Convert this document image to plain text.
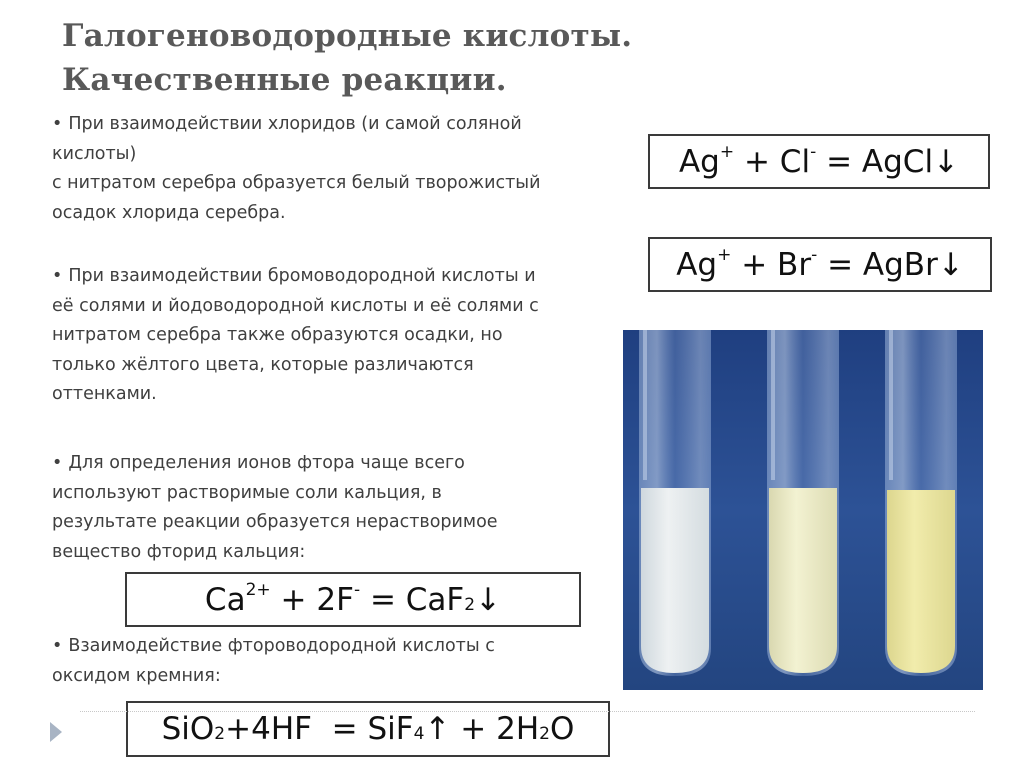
Галогеноводородные кислоты.
Качественные реакции.
• При взаимодействии хлоридов (и самой соляной
кислоты)
с нитратом серебра образуется белый творожистый
осадок хлорида серебра.
• При взаимодействии бромоводородной кислоты и
её солями и йодоводородной кислоты и её солями с
нитратом серебра также образуются осадки, но
только жёлтого цвета, которые различаются
оттенками.
• Для определения ионов фтора чаще всего
используют растворимые соли кальция, в
результате реакции образуется нерастворимое
вещество фторид кальция:
• Взаимодействие фтороводородной кислоты с
оксидом кремния:
Ag+ + Cl- = AgCl↓
Ag+ + Br- = AgBr↓
$Ca^{2+} + 2F^- = CaF_2$ ↓
SiO$_2$ +4HF  = SiF$_4$ ↑ + $2H_2$ O
